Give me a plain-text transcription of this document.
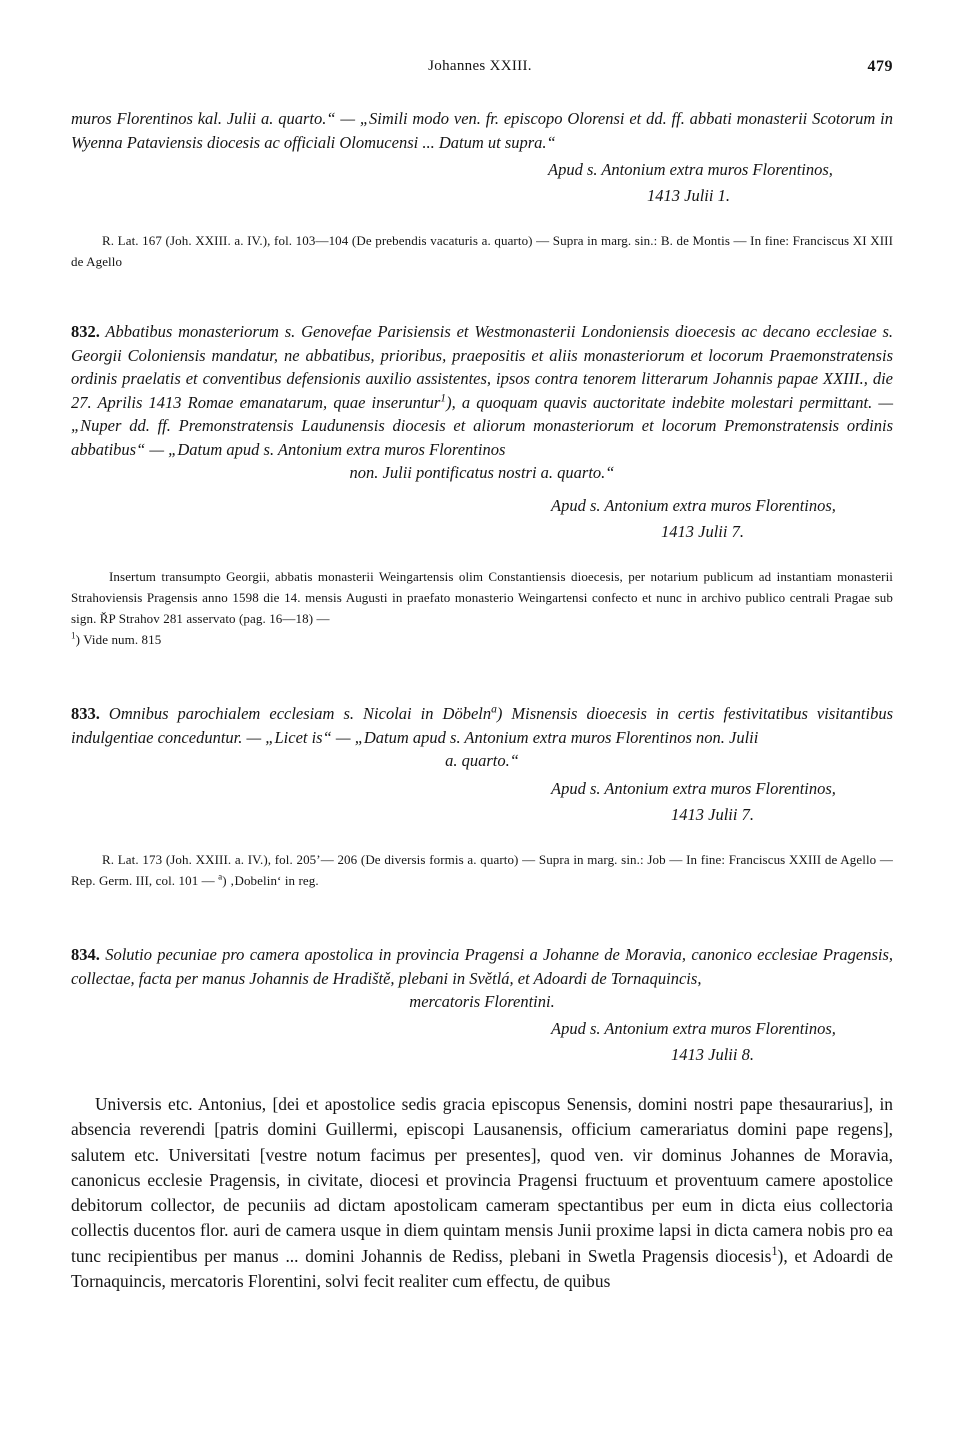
Johannes XXIII.	479

muros Florentinos kal. Julii a. quarto.“ — „Simili modo ven. fr. episcopo Olorensi et dd. ff. abbati monasterii Scotorum in Wyenna Pataviensis diocesis ac officiali Olomucensi ... Datum ut supra.“

Apud s. Antonium extra muros Florentinos,

1413 Julii 1.

R. Lat. 167 (Joh. XXIII. a. IV.), fol. 103—104 (De prebendis vacaturis a. quarto) — Supra in marg. sin.: B. de Montis — In fine: Franciscus XI XIII de Agello

832. Abbatibus monasteriorum s. Genovefae Parisiensis et Westmonasterii Londoniensis dioecesis ac decano ecclesiae s. Georgii Coloniensis mandatur, ne abbatibus, prioribus, praepositis et aliis monasteriorum et locorum Praemonstratensis ordinis praelatis et conventibus defensionis auxilio assistentes, ipsos contra tenorem litterarum Johannis papae XXIII., die 27. Aprilis 1413 Romae emanatarum, quae inseruntur$^1$), a quoquam quavis auctoritate indebite molestari permittant. — „Nuper dd. ff. Premonstratensis Laudunensis diocesis et aliorum monasteriorum et locorum Premonstratensis ordinis abbatibus“ — „Datum apud s. Antonium extra muros Florentinos

non. Julii pontificatus nostri a. quarto.“

Apud s. Antonium extra muros Florentinos,

1413 Julii 7.

Insertum transumpto Georgii, abbatis monasterii Weingartensis olim Constantiensis dioecesis, per notarium publicum ad instantiam monasterii Strahoviensis Pragensis anno 1598 die 14. mensis Augusti in praefato monasterio Weingartensi confecto et nunc in archivo publico centrali Pragae sub sign. ŘP Strahov 281 asservato (pag. 16—18) —

$^1$) Vide num. 815

833. Omnibus parochialem ecclesiam s. Nicolai in Döbeln$^a$) Misnensis dioecesis in certis festivitatibus visitantibus indulgentiae conceduntur. — „Licet is“ — „Datum apud s. Antonium extra muros Florentinos non. Julii

a. quarto.“

Apud s. Antonium extra muros Florentinos,

1413 Julii 7.

R. Lat. 173 (Joh. XXIII. a. IV.), fol. 205’— 206 (De diversis formis a. quarto) — Supra in marg. sin.: Job — In fine: Franciscus XXIII de Agello — Rep. Germ. III, col. 101 — $^a$) ‚Dobelin‘ in reg.

834. Solutio pecuniae pro camera apostolica in provincia Pragensi a Johanne de Moravia, canonico ecclesiae Pragensis, collectae, facta per manus Johannis de Hradiště, plebani in Světlá, et Adoardi de Tornaquincis,

mercatoris Florentini.

Apud s. Antonium extra muros Florentinos,

1413 Julii 8.

Universis etc. Antonius, [dei et apostolice sedis gracia episcopus Senensis, domini nostri pape thesaurarius], in absencia reverendi [patris domini Guillermi, episcopi Lausanensis, officium camerariatus domini pape regens], salutem etc. Universitati [vestre notum facimus per presentes], quod ven. vir dominus Johannes de Moravia, canonicus ecclesie Pragensis, in civitate, diocesi et provincia Pragensi fructuum et proventuum camere apostolice debitorum collector, de pecuniis ad dictam apostolicam cameram spectantibus per eum in dicta eius collectoria collectis ducentos flor. auri de camera usque in diem quintam mensis Junii proxime lapsi in dicta camera nobis pro ea tunc recipientibus per manus ... domini Johannis de Rediss, plebani in Swetla Pragensis diocesis$^1$), et Adoardi de Tornaquincis, mercatoris Florentini, solvi fecit realiter cum effectu, de quibus
